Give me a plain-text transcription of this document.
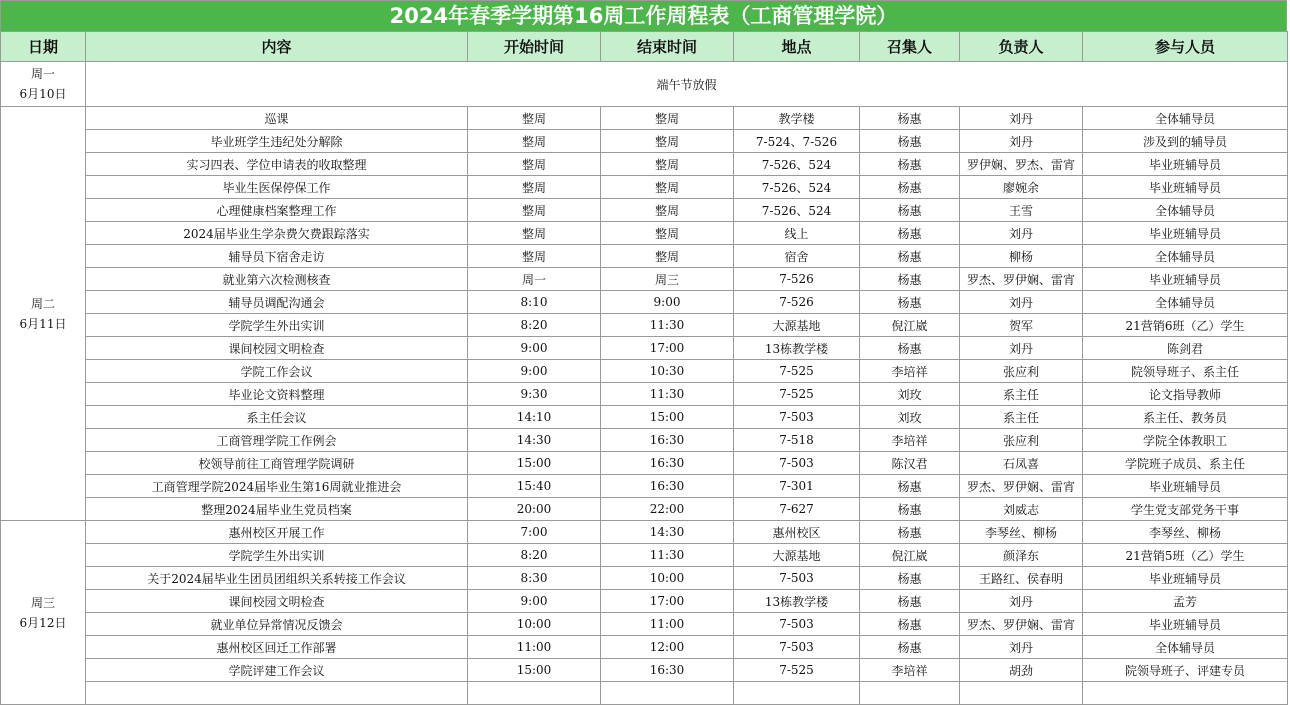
2024年春季学期第16周工作周程表（工商管理学院）
日期	内容	开始时间	结束时间	地点	召集人	负责人	参与人员

周一
6月10日	端午节放假						

周二
6月11日	巡课	整周	整周	教学楼	杨惠	刘丹	全体辅导员
	毕业班学生违纪处分解除	整周	整周	7-524、7-526	杨惠	刘丹	涉及到的辅导员
	实习四表、学位申请表的收取整理	整周	整周	7-526、524	杨惠	罗伊娴、罗杰、雷宵	毕业班辅导员
	毕业生医保停保工作	整周	整周	7-526、524	杨惠	廖婉余	毕业班辅导员
	心理健康档案整理工作	整周	整周	7-526、524	杨惠	王雪	全体辅导员
	2024届毕业生学杂费欠费跟踪落实	整周	整周	线上	杨惠	刘丹	毕业班辅导员
	辅导员下宿舍走访	整周	整周	宿舍	杨惠	柳杨	全体辅导员
	就业第六次检测核查	周一	周三	7-526	杨惠	罗杰、罗伊娴、雷宵	毕业班辅导员
	辅导员调配沟通会	8:10	9:00	7-526	杨惠	刘丹	全体辅导员
	学院学生外出实训	8:20	11:30	大源基地	倪江崴	贺军	21营销6班（乙）学生
	课间校园文明检查	9:00	17:00	13栋教学楼	杨惠	刘丹	陈剑君
	学院工作会议	9:00	10:30	7-525	李培祥	张应利	院领导班子、系主任
	毕业论文资料整理	9:30	11:30	7-525	刘玫	系主任	论文指导教师
	系主任会议	14:10	15:00	7-503	刘玫	系主任	系主任、教务员
	工商管理学院工作例会	14:30	16:30	7-518	李培祥	张应利	学院全体教职工
	校领导前往工商管理学院调研	15:00	16:30	7-503	陈汉君	石凤喜	学院班子成员、系主任
	工商管理学院2024届毕业生第16周就业推进会	15:40	16:30	7-301	杨惠	罗杰、罗伊娴、雷宵	毕业班辅导员
	整理2024届毕业生党员档案	20:00	22:00	7-627	杨惠	刘威志	学生党支部党务干事

周三
6月12日	惠州校区开展工作	7:00	14:30	惠州校区	杨惠	李琴丝、柳杨	李琴丝、柳杨
	学院学生外出实训	8:20	11:30	大源基地	倪江崴	颜泽东	21营销5班（乙）学生
	关于2024届毕业生团员团组织关系转接工作会议	8:30	10:00	7-503	杨惠	王路红、侯春明	毕业班辅导员
	课间校园文明检查	9:00	17:00	13栋教学楼	杨惠	刘丹	孟芳
	就业单位异常情况反馈会	10:00	11:00	7-503	杨惠	罗杰、罗伊娴、雷宵	毕业班辅导员
	惠州校区回迁工作部署	11:00	12:00	7-503	杨惠	刘丹	全体辅导员
	学院评建工作会议	15:00	16:30	7-525	李培祥	胡劲	院领导班子、评建专员
